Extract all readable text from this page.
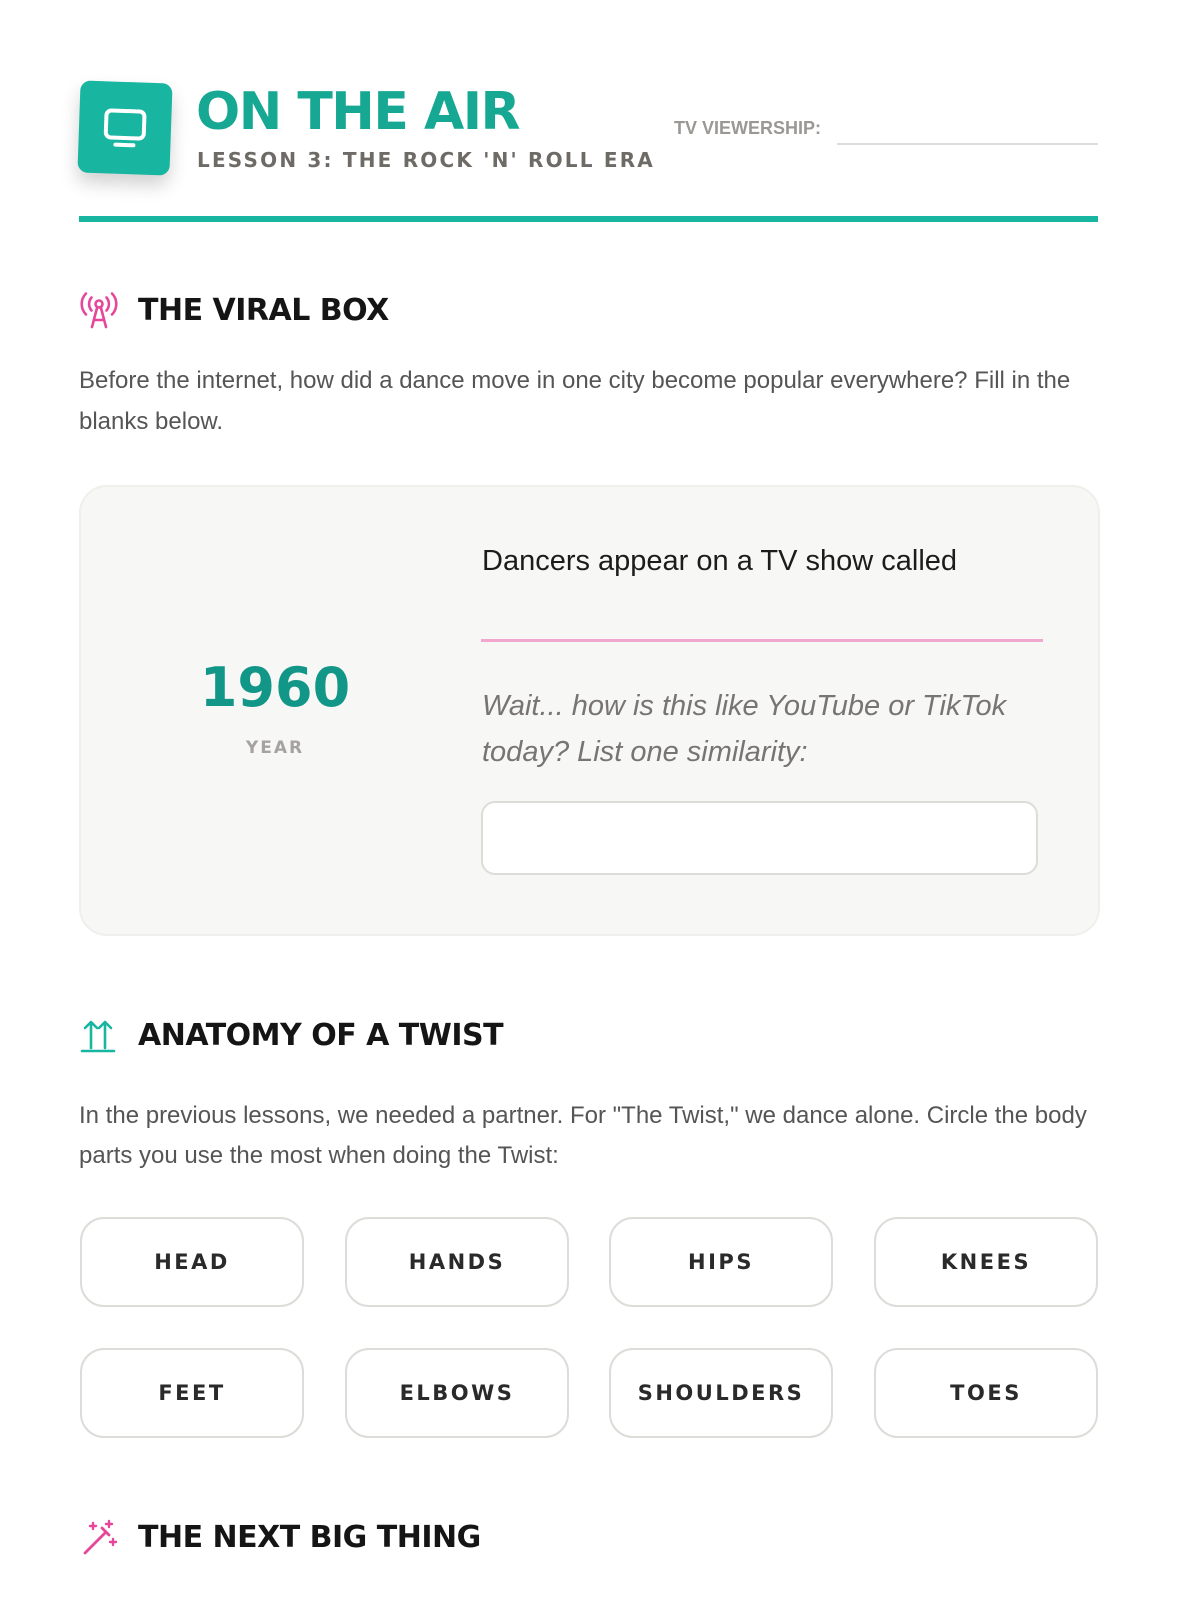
ON THE AIR
LESSON 3: THE ROCK 'N' ROLL ERA
TV VIEWERSHIP:
THE VIRAL BOX
Before the internet, how did a dance move in one city become popular everywhere? Fill in the blanks below.
1960
YEAR
Dancers appear on a TV show called
Wait... how is this like YouTube or TikTok today? List one similarity:
ANATOMY OF A TWIST
In the previous lessons, we needed a partner. For "The Twist," we dance alone. Circle the body parts you use the most when doing the Twist:
HEAD	HANDS	HIPS	KNEES
FEET	ELBOWS	SHOULDERS	TOES
THE NEXT BIG THING
